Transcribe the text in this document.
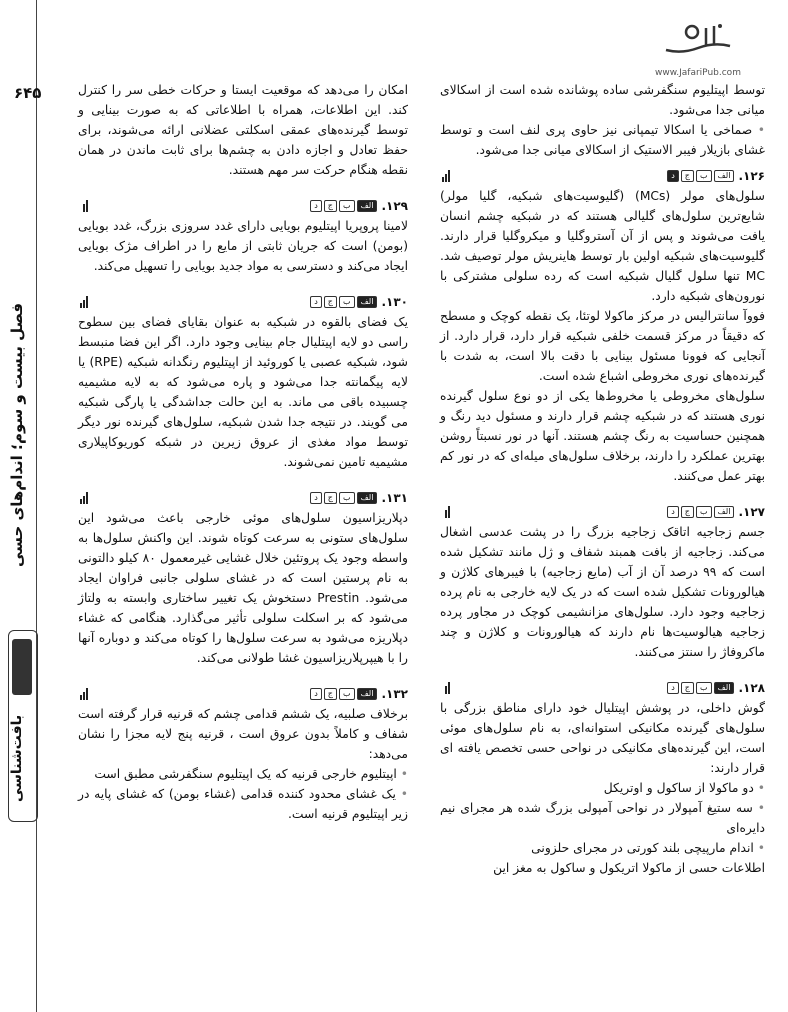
۶۴۵
فصل بیست و سوم؛ اندام‌های حسی
بافت‌شناسی
www.JafariPub.com

توسط اپیتلیوم سنگفرشی ساده پوشانده شده است از اسکالای میانی جدا می‌شود.

• صماخی یا اسکالا تیمپانی نیز حاوی پری لنف است و توسط غشای بازیلار فیبر الاستیک از اسکالای میانی جدا می‌شود.

۱۲۶.
الف
ب
ج
د

سلول‌های مولر (MCs) (گلیوسیت‌های شبکیه، گلیا مولر) شایع‌ترین سلول‌های گلیالی هستند که در شبکیه چشم انسان یافت می‌شوند و پس از آن آستروگلیا و میکروگلیا قرار دارند. گلیوسیت‌های شبکیه اولین بار توسط هاینریش مولر توصیف شد. MC تنها سلول گلیال شبکیه است که رده سلولی مشترکی با نورون‌های شبکیه دارد.

فووآ سانترالیس در مرکز ماکولا لوتئا، یک نقطه کوچک و مسطح که دقیقاً در مرکز قسمت خلفی شبکیه قرار دارد، قرار دارد. از آنجایی که فوونا مسئول بینایی با دقت بالا است، به شدت با گیرنده‌های نوری مخروطی اشباع شده است.

سلول‌های مخروطی یا مخروط‌ها یکی از دو نوع سلول گیرنده نوری هستند که در شبکیه چشم قرار دارند و مسئول دید رنگ و همچنین حساسیت به رنگ چشم هستند. آنها در نور نسبتاً روشن بهترین عملکرد را دارند، برخلاف سلول‌های میله‌ای که در نور کم بهتر عمل می‌کنند.

۱۲۷.
الف
ب
ج
د

جسم زجاجیه اتاقک زجاجیه بزرگ را در پشت عدسی اشغال می‌کند. زجاجیه از بافت همبند شفاف و ژل مانند تشکیل شده است که ۹۹ درصد آن از آب (مایع زجاجیه) با فیبرهای کلاژن و هیالورونات تشکیل شده است که در یک لایه خارجی به نام پرده زجاجیه وجود دارد. سلول‌های مزانشیمی کوچک در مجاور پرده زجاجیه هیالوسیت‌ها نام دارند که هیالورونات و کلاژن و چند ماکروفاژ را سنتز می‌کنند.

۱۲۸.
الف
ب
ج
د

گوش داخلی، در پوشش اپیتلیال خود دارای مناطق بزرگی با سلول‌های گیرنده مکانیکی استوانه‌ای، به نام سلول‌های موئی است، این گیرنده‌های مکانیکی در نواحی حسی تخصص یافته ای قرار دارند:

• دو ماکولا از ساکول و اوتریکل

• سه ستیغ آمپولار در نواحی آمپولی بزرگ شده هر مجرای نیم دایره‌ای

• اندام مارپیچی بلند کورتی در مجرای حلزونی

اطلاعات حسی از ماکولا اتریکول و ساکول به مغز این

امکان را می‌دهد که موقعیت ایستا و حرکات خطی سر را کنترل کند. این اطلاعات، همراه با اطلاعاتی که به صورت بینایی و توسط گیرنده‌های عمقی اسکلتی عضلانی ارائه می‌شوند، برای حفظ تعادل و اجازه دادن به چشم‌ها برای ثابت ماندن در همان نقطه هنگام حرکت سر مهم هستند.

۱۲۹.
الف
ب
ج
د

لامینا پروپریا اپیتلیوم بویایی دارای غدد سروزی بزرگ، غدد بویایی (بومن) است که جریان ثابتی از مایع را در اطراف مژک بویایی ایجاد می‌کند و دسترسی به مواد جدید بویایی را تسهیل می‌کند.

۱۳۰.
الف
ب
ج
د

یک فضای بالقوه در شبکیه به عنوان بقایای فضای بین سطوح راسی دو لایه اپیتلیال جام بینایی وجود دارد. اگر این فضا منبسط شود، شبکیه عصبی یا کوروئید از اپیتلیوم رنگدانه شبکیه (RPE) یا لایه پیگمانته جدا می‌شود و پاره می‌شود که به لایه مشیمیه چسبیده باقی می ماند. به این حالت جداشدگی یا پارگی شبکیه می گویند. در نتیجه جدا شدن شبکیه، سلول‌های گیرنده نور دیگر توسط مواد مغذی از عروق زیرین در شبکه کوریوکاپیلاری مشیمیه تامین نمی‌شوند.

۱۳۱.
الف
ب
ج
د

دپلاریزاسیون سلول‌های موئی خارجی باعث می‌شود این سلول‌های ستونی به سرعت کوتاه شوند. این واکنش سلول‌ها به واسطه وجود یک پروتئین خلال غشایی غیرمعمول ۸۰ کیلو دالتونی به نام پرستین است که در غشای سلولی جانبی فراوان ایجاد می‌شود. Prestin دستخوش یک تغییر ساختاری وابسته به ولتاژ می‌شود که بر اسکلت سلولی تأثیر می‌گذارد. هنگامی که غشاء دپلاریزه می‌شود به سرعت سلول‌ها را کوتاه می‌کند و دوباره آنها را با هیپرپلاریزاسیون غشا طولانی می‌کند.

۱۳۲.
الف
ب
ج
د

برخلاف صلبیه، یک ششم قدامی چشم که قرنیه قرار گرفته است شفاف و کاملاً بدون عروق است ، قرنیه پنج لایه مجزا را نشان می‌دهد:

• اپیتلیوم خارجی قرنیه که یک اپیتلیوم سنگفرشی مطبق است

• یک غشای محدود کننده قدامی (غشاء بومن) که غشای پایه در زیر اپیتلیوم قرنیه است.
